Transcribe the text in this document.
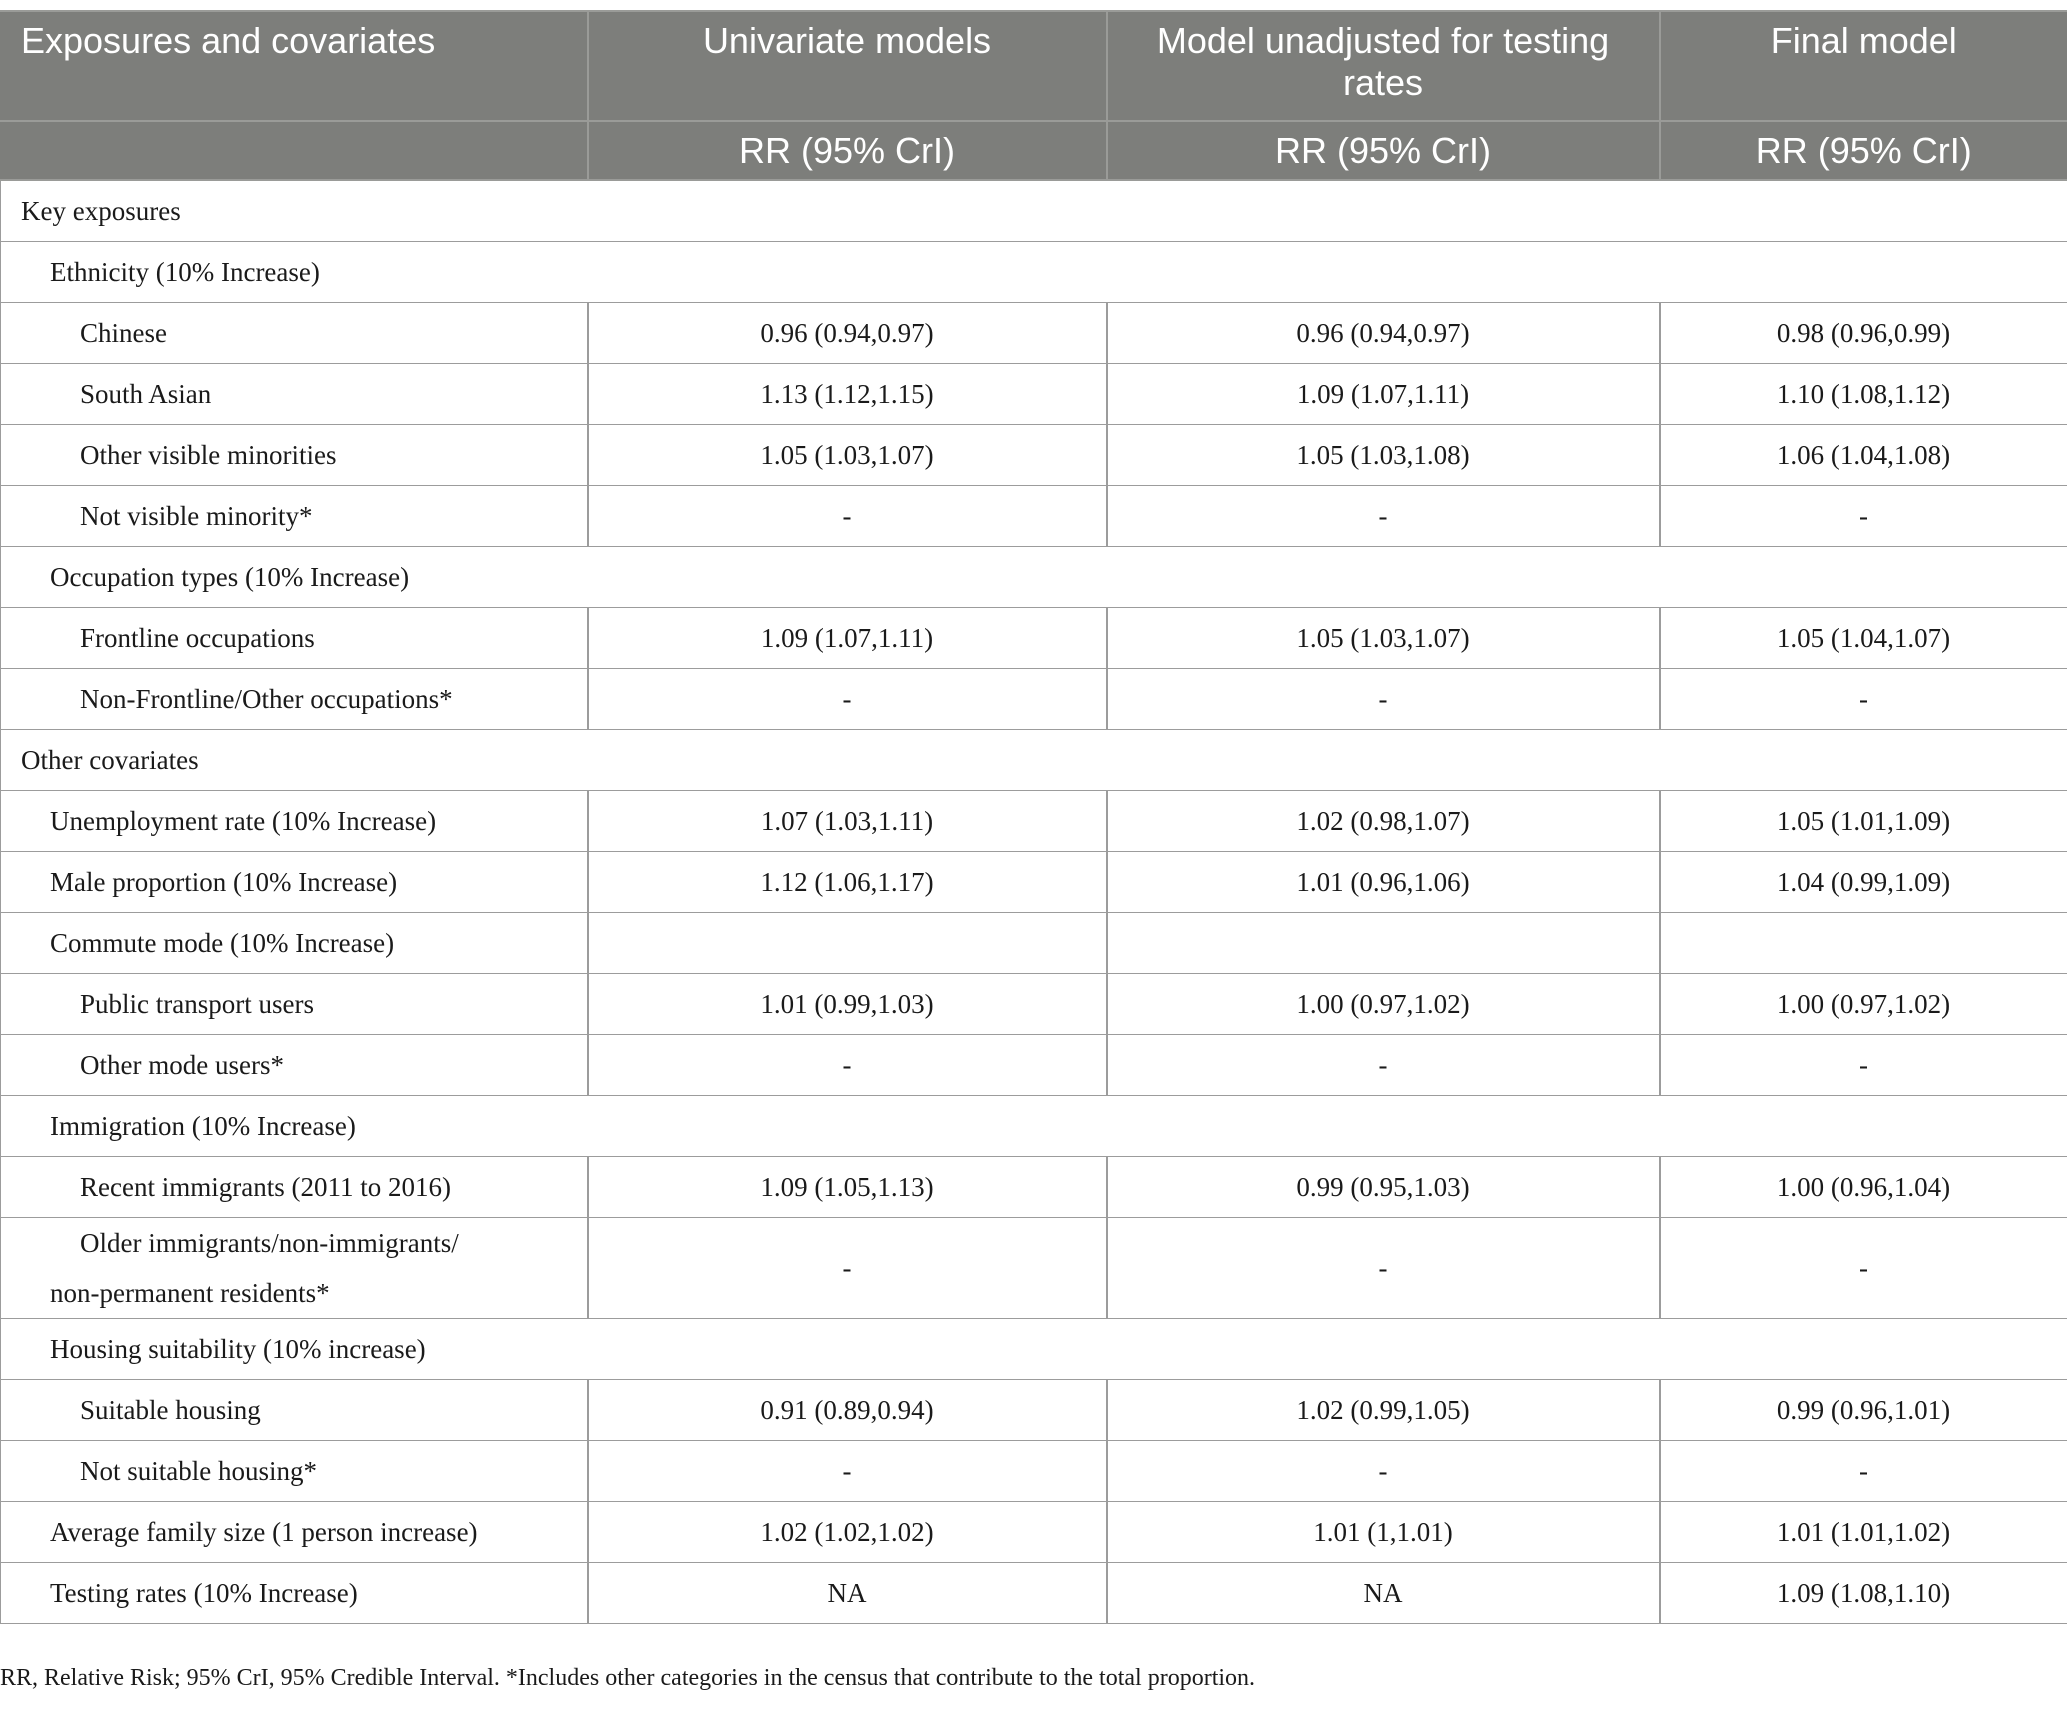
Exposures and covariates	Univariate models	Model unadjusted for testing rates	Final model
	RR (95% CrI)	RR (95% CrI)	RR (95% CrI)
Key exposures			
Ethnicity (10% Increase)			
Chinese	0.96 (0.94,0.97)	0.96 (0.94,0.97)	0.98 (0.96,0.99)
South Asian	1.13 (1.12,1.15)	1.09 (1.07,1.11)	1.10 (1.08,1.12)
Other visible minorities	1.05 (1.03,1.07)	1.05 (1.03,1.08)	1.06 (1.04,1.08)
Not visible minority*	-	-	-
Occupation types (10% Increase)			
Frontline occupations	1.09 (1.07,1.11)	1.05 (1.03,1.07)	1.05 (1.04,1.07)
Non-Frontline/Other occupations*	-	-	-
Other covariates			
Unemployment rate (10% Increase)	1.07 (1.03,1.11)	1.02 (0.98,1.07)	1.05 (1.01,1.09)
Male proportion (10% Increase)	1.12 (1.06,1.17)	1.01 (0.96,1.06)	1.04 (0.99,1.09)
Commute mode (10% Increase)			
Public transport users	1.01 (0.99,1.03)	1.00 (0.97,1.02)	1.00 (0.97,1.02)
Other mode users*	-	-	-
Immigration (10% Increase)			
Recent immigrants (2011 to 2016)	1.09 (1.05,1.13)	0.99 (0.95,1.03)	1.00 (0.96,1.04)

Older immigrants/non-immigrants/
non-permanent residents*	-	-	-
Housing suitability (10% increase)			
Suitable housing	0.91 (0.89,0.94)	1.02 (0.99,1.05)	0.99 (0.96,1.01)
Not suitable housing*	-	-	-
Average family size (1 person increase)	1.02 (1.02,1.02)	1.01 (1,1.01)	1.01 (1.01,1.02)
Testing rates (10% Increase)	NA	NA	1.09 (1.08,1.10)
RR, Relative Risk; 95% CrI, 95% Credible Interval. *Includes other categories in the census that contribute to the total proportion.
